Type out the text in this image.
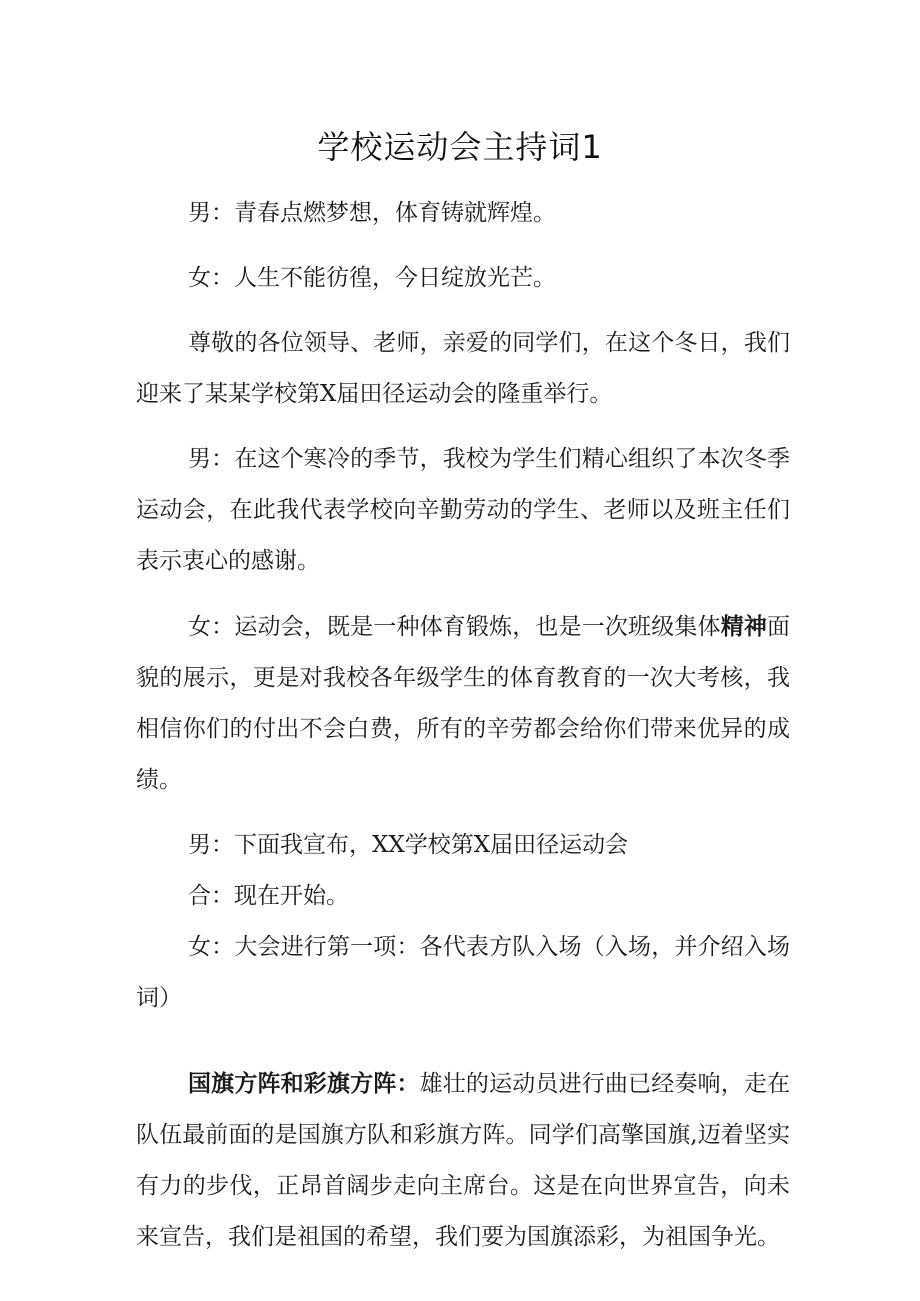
学校运动会主持词1

男：青春点燃梦想，体育铸就辉煌。

女：人生不能彷徨，今日绽放光芒。

尊敬的各位领导、老师，亲爱的同学们，在这个冬日，我们迎来了某某学校第X届田径运动会的隆重举行。

男：在这个寒冷的季节，我校为学生们精心组织了本次冬季运动会，在此我代表学校向辛勤劳动的学生、老师以及班主任们表示衷心的感谢。

女：运动会，既是一种体育锻炼，也是一次班级集体精神面貌的展示，更是对我校各年级学生的体育教育的一次大考核，我相信你们的付出不会白费，所有的辛劳都会给你们带来优异的成绩。

男：下面我宣布，XX学校第X届田径运动会

合：现在开始。

女：大会进行第一项：各代表方队入场（入场，并介绍入场词）

国旗方阵和彩旗方阵：雄壮的运动员进行曲已经奏响，走在队伍最前面的是国旗方队和彩旗方阵。同学们高擎国旗,迈着坚实有力的步伐，正昂首阔步走向主席台。这是在向世界宣告，向未来宣告，我们是祖国的希望，我们要为国旗添彩，为祖国争光。
